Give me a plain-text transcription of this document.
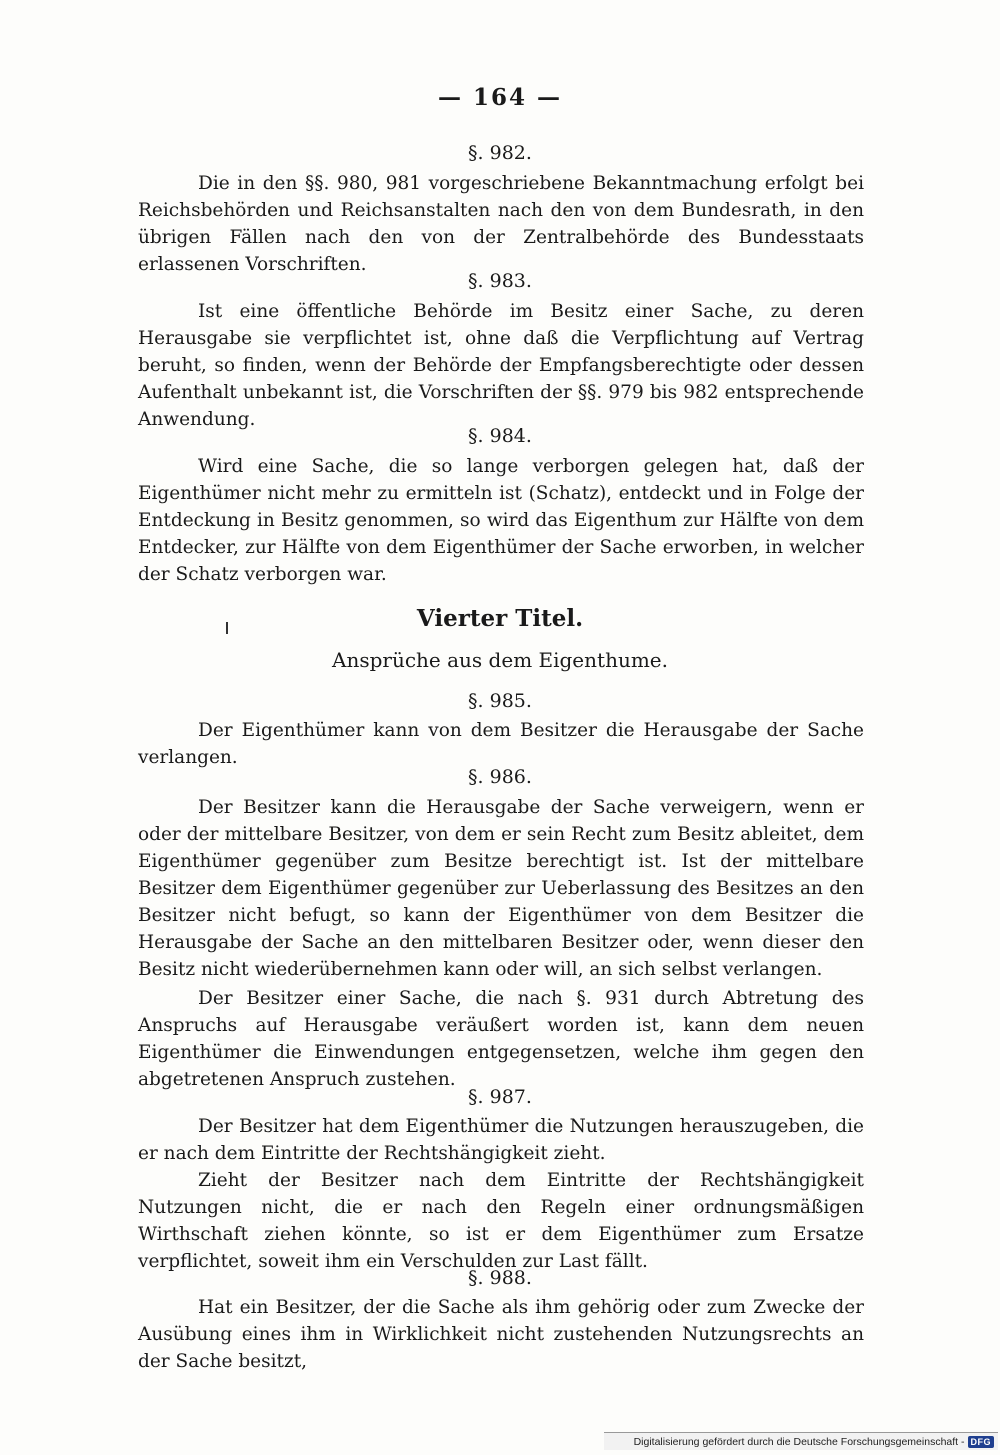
— 164 —
§. 982.

Die in den §§. 980, 981 vorgeschriebene Bekanntmachung erfolgt bei Reichsbehörden und Reichsanstalten nach den von dem Bundesrath, in den übrigen Fällen nach den von der Zentralbehörde des Bundesstaats erlassenen Vorschriften.

§. 983.

Ist eine öffentliche Behörde im Besitz einer Sache, zu deren Herausgabe sie verpflichtet ist, ohne daß die Verpflichtung auf Vertrag beruht, so finden, wenn der Behörde der Empfangsberechtigte oder dessen Aufenthalt unbekannt ist, die Vorschriften der §§. 979 bis 982 entsprechende Anwendung.

§. 984.

Wird eine Sache, die so lange verborgen gelegen hat, daß der Eigenthümer nicht mehr zu ermitteln ist (Schatz), entdeckt und in Folge der Entdeckung in Besitz genommen, so wird das Eigenthum zur Hälfte von dem Entdecker, zur Hälfte von dem Eigenthümer der Sache erworben, in welcher der Schatz verborgen war.

Vierter Titel.
Ansprüche aus dem Eigenthume.
§. 985.

Der Eigenthümer kann von dem Besitzer die Herausgabe der Sache verlangen.

§. 986.

Der Besitzer kann die Herausgabe der Sache verweigern, wenn er oder der mittelbare Besitzer, von dem er sein Recht zum Besitz ableitet, dem Eigenthümer gegenüber zum Besitze berechtigt ist. Ist der mittelbare Besitzer dem Eigenthümer gegenüber zur Ueberlassung des Besitzes an den Besitzer nicht befugt, so kann der Eigenthümer von dem Besitzer die Herausgabe der Sache an den mittelbaren Besitzer oder, wenn dieser den Besitz nicht wiederübernehmen kann oder will, an sich selbst verlangen.

Der Besitzer einer Sache, die nach §. 931 durch Abtretung des Anspruchs auf Herausgabe veräußert worden ist, kann dem neuen Eigenthümer die Einwendungen entgegensetzen, welche ihm gegen den abgetretenen Anspruch zustehen.

§. 987.

Der Besitzer hat dem Eigenthümer die Nutzungen herauszugeben, die er nach dem Eintritte der Rechtshängigkeit zieht.

Zieht der Besitzer nach dem Eintritte der Rechtshängigkeit Nutzungen nicht, die er nach den Regeln einer ordnungsmäßigen Wirthschaft ziehen könnte, so ist er dem Eigenthümer zum Ersatze verpflichtet, soweit ihm ein Verschulden zur Last fällt.

§. 988.

Hat ein Besitzer, der die Sache als ihm gehörig oder zum Zwecke der Ausübung eines ihm in Wirklichkeit nicht zustehenden Nutzungsrechts an der Sache besitzt,

Digitalisierung gefördert durch die Deutsche Forschungsgemeinschaft - DFG
